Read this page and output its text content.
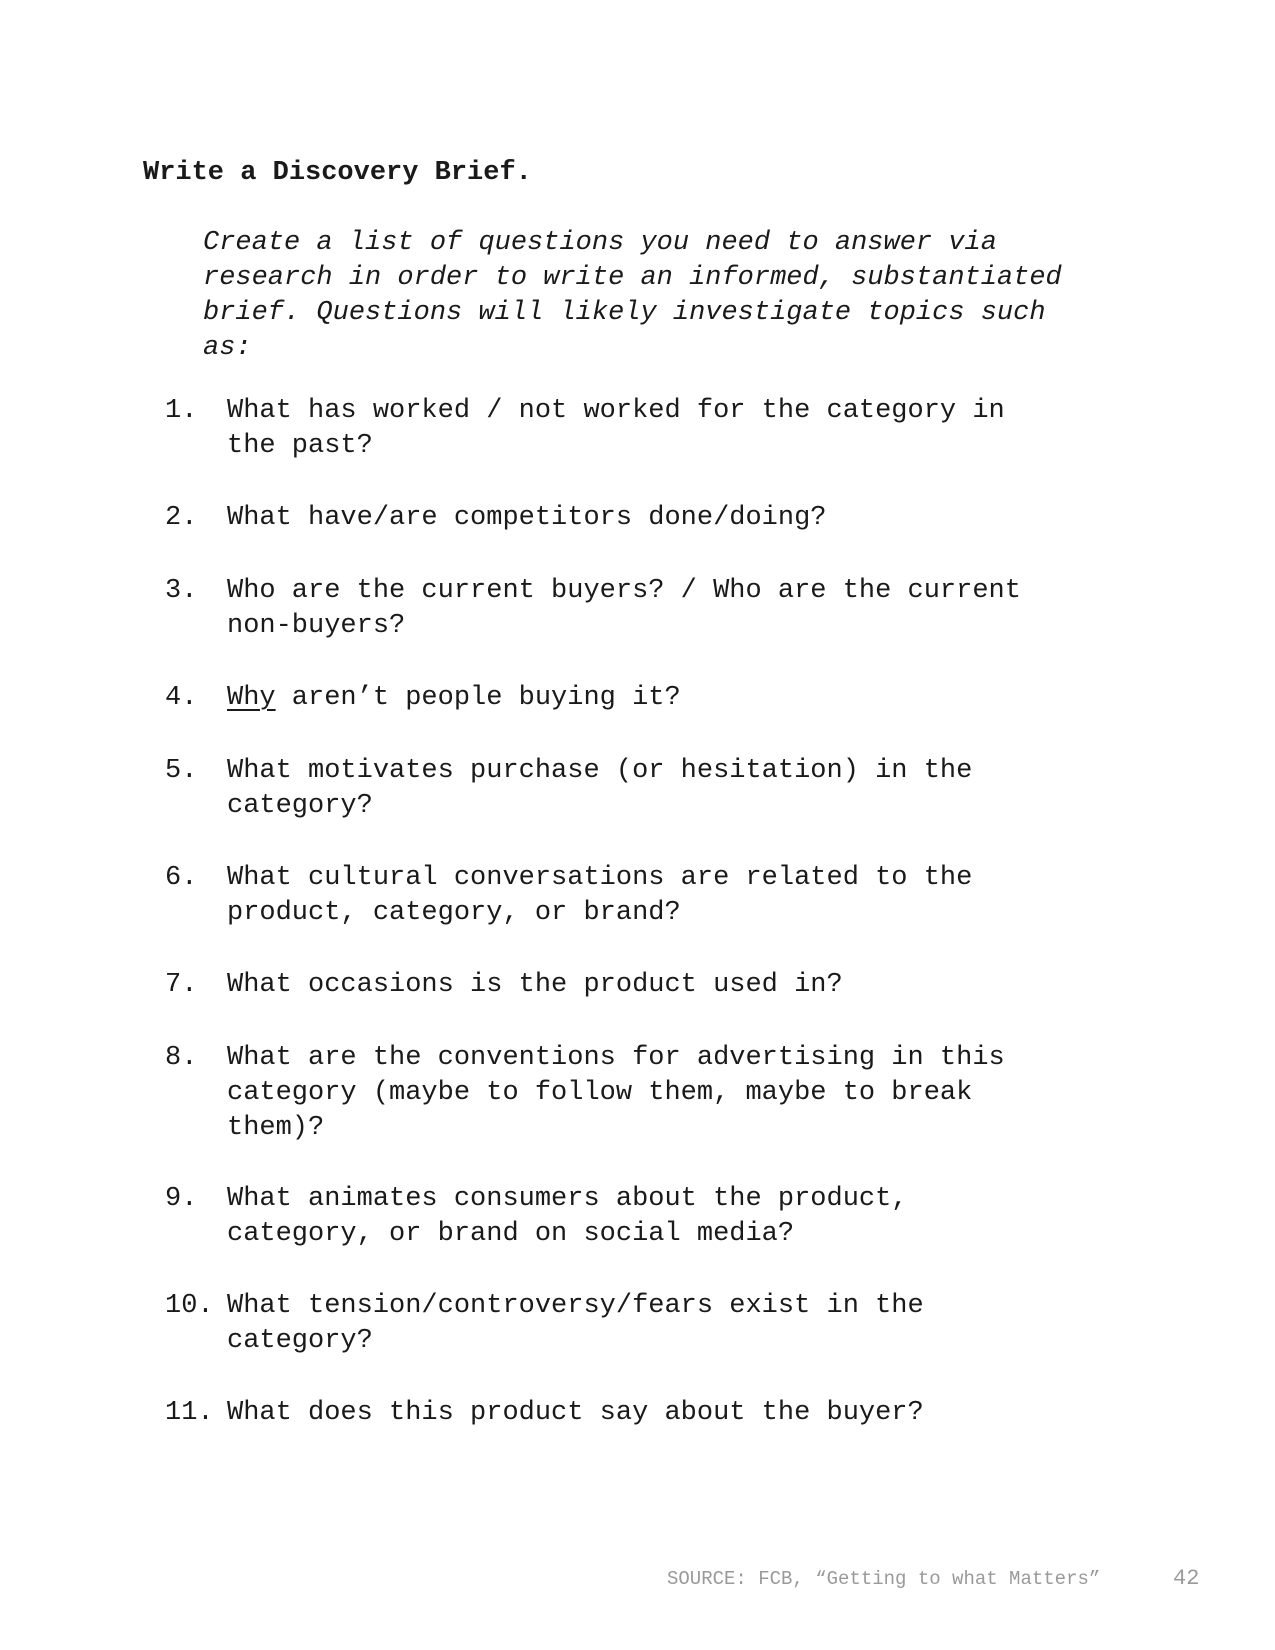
Write a Discovery Brief.

Create a list of questions you need to answer via research in order to write an informed, substantiated brief. Questions will likely investigate topics such as:

1. What has worked / not worked for the category in
the past?
2. What have/are competitors done/doing?
3. Who are the current buyers? / Who are the current
non-buyers?
4. Why aren’t people buying it?
5. What motivates purchase (or hesitation) in the
category?
6. What cultural conversations are related to the
product, category, or brand?
7. What occasions is the product used in?
8. What are the conventions for advertising in this
category (maybe to follow them, maybe to break
them)?
9. What animates consumers about the product,
category, or brand on social media?
10. What tension/controversy/fears exist in the
category?
11. What does this product say about the buyer?
SOURCE: FCB, “Getting to what Matters”	42
